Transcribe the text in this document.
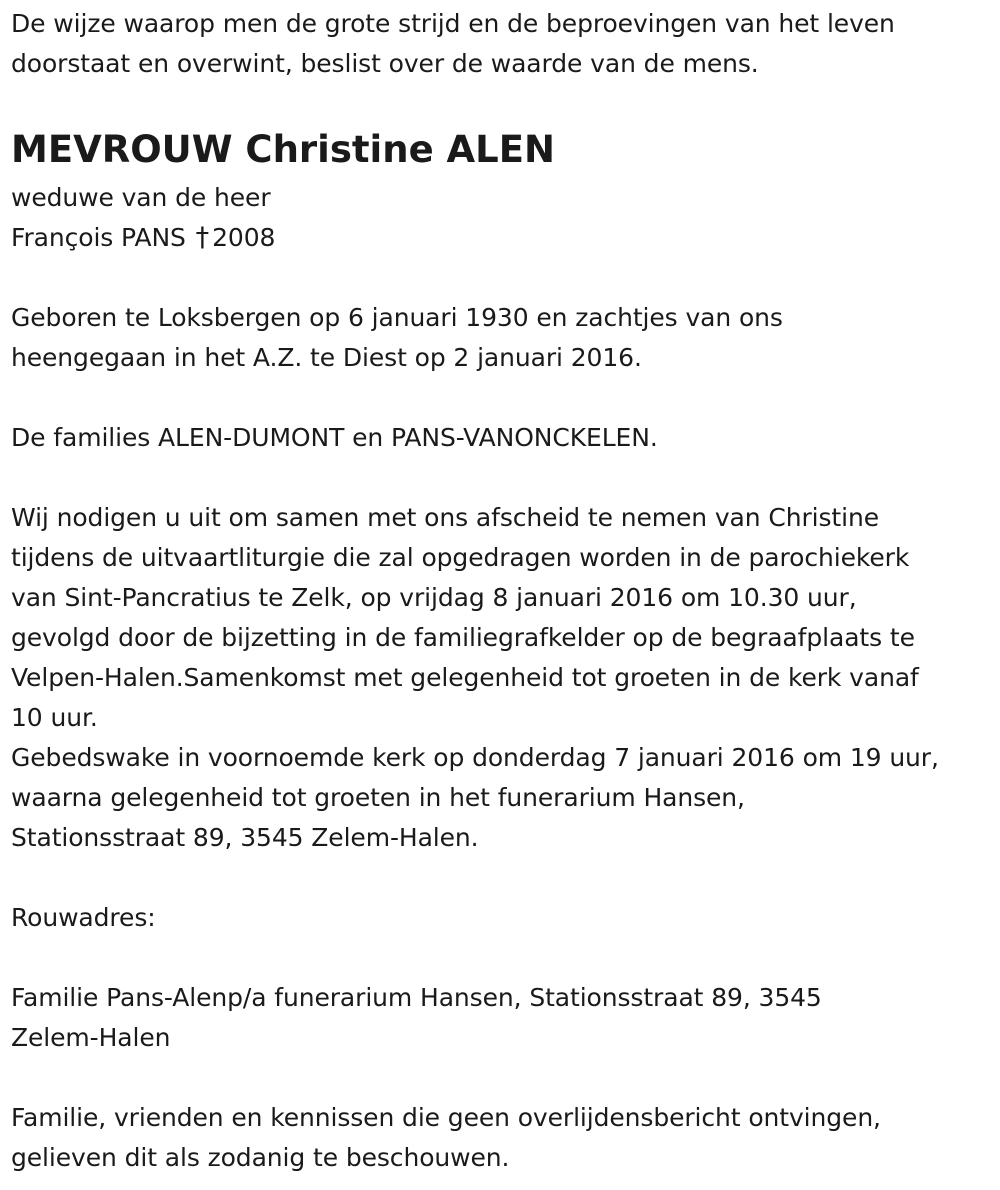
De wijze waarop men de grote strijd en de beproevingen van het leven
doorstaat en overwint, beslist over de waarde van de mens.
MEVROUW Christine ALEN
weduwe van de heer
François PANS † 2008
Geboren te Loksbergen op 6 januari 1930 en zachtjes van ons
heengegaan in het A.Z. te Diest op 2 januari 2016.
De families ALEN-DUMONT en PANS-VANONCKELEN.
Wij nodigen u uit om samen met ons afscheid te nemen van Christine
tijdens de uitvaartliturgie die zal opgedragen worden in de parochiekerk
van Sint-Pancratius te Zelk, op vrijdag 8 januari 2016 om 10.30 uur,
gevolgd door de bijzetting in de familiegrafkelder op de begraafplaats te
Velpen-Halen.Samenkomst met gelegenheid tot groeten in de kerk vanaf
10 uur.
Gebedswake in voornoemde kerk op donderdag 7 januari 2016 om 19 uur,
waarna gelegenheid tot groeten in het funerarium Hansen,
Stationsstraat 89, 3545 Zelem-Halen.
Rouwadres:
Familie Pans-Alenp/a funerarium Hansen, Stationsstraat 89, 3545
Zelem-Halen
Familie, vrienden en kennissen die geen overlijdensbericht ontvingen,
gelieven dit als zodanig te beschouwen.
